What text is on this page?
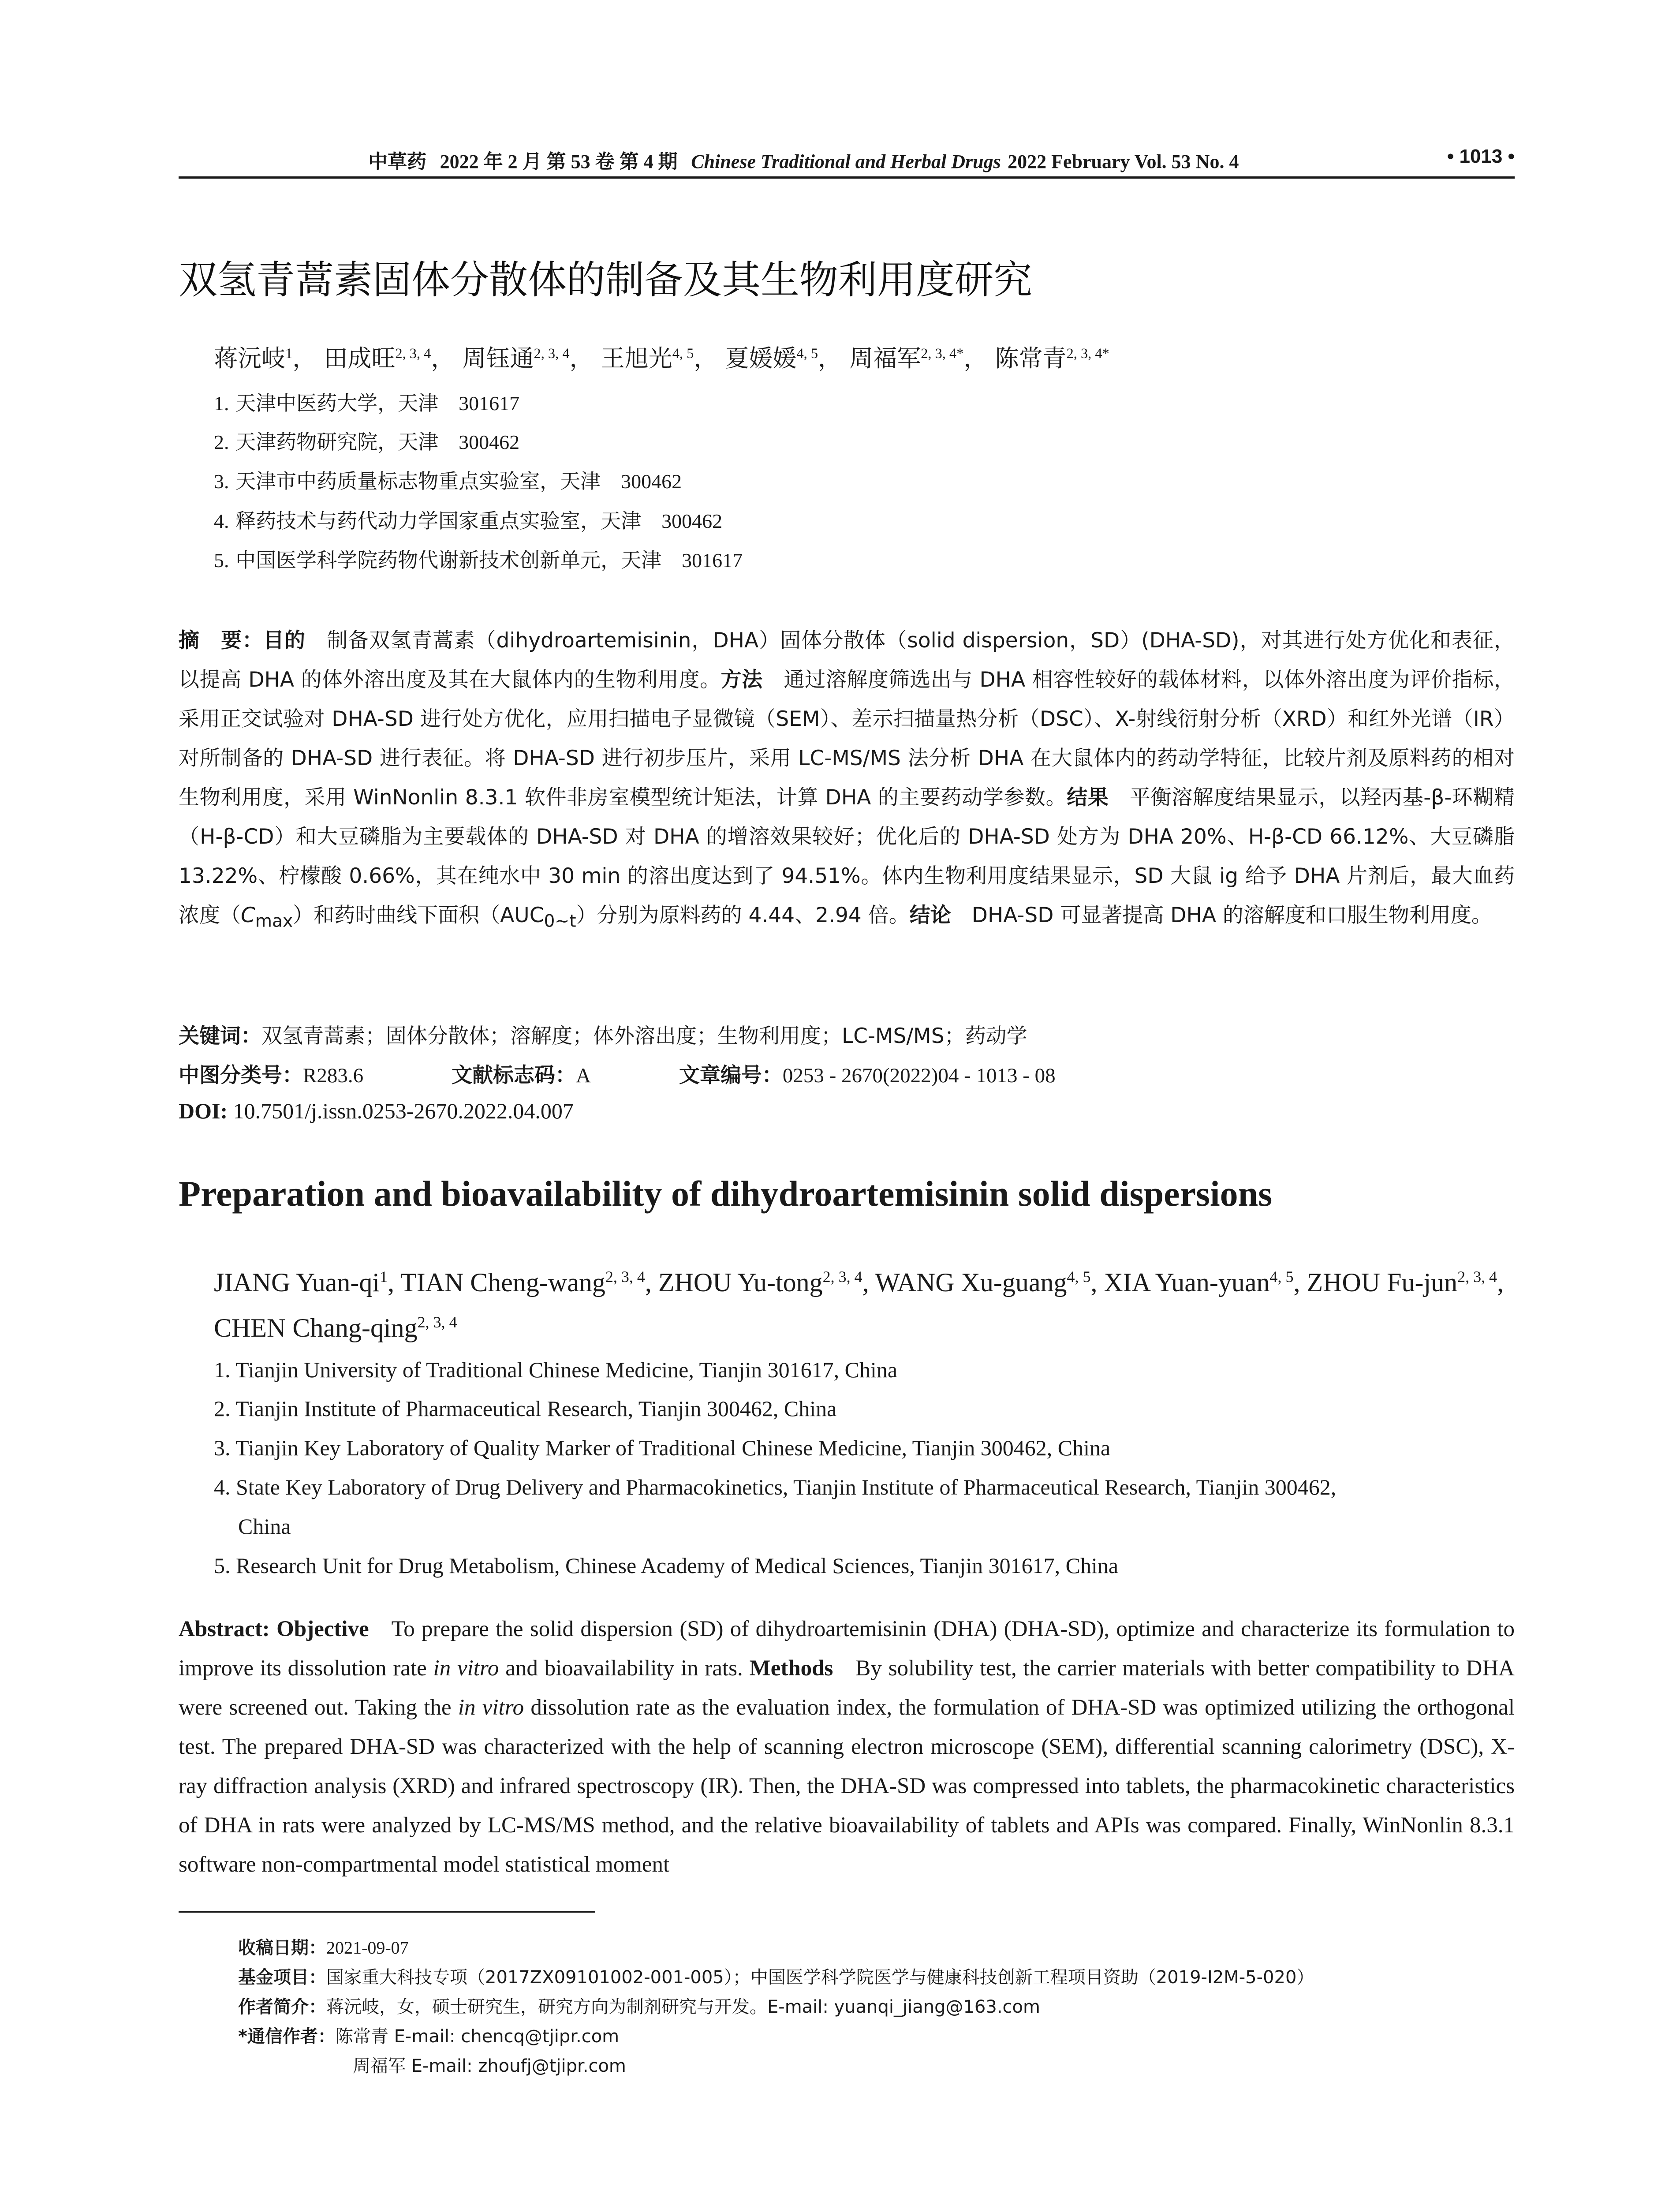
中草药 2022 年 2 月 第 53 卷 第 4 期 Chinese Traditional and Herbal Drugs 2022 February Vol. 53 No. 4	• 1013 •
双氢青蒿素固体分散体的制备及其生物利用度研究
蒋沅岐$^1$， 田成旺$^{2, 3, 4}$， 周钰通$^{2, 3, 4}$， 王旭光$^{4, 5}$， 夏媛媛$^{4, 5}$， 周福军$^{2, 3, 4*}$， 陈常青$^{2, 3, 4*}$
1. 天津中医药大学，天津 301617
2. 天津药物研究院，天津 300462
3. 天津市中药质量标志物重点实验室，天津 300462
4. 释药技术与药代动力学国家重点实验室，天津 300462
5. 中国医学科学院药物代谢新技术创新单元，天津 301617
摘　要：目的  制备双氢青蒿素（dihydroartemisinin，DHA）固体分散体（solid dispersion，SD）(DHA-SD)，对其进行处方优化和表征，以提高 DHA 的体外溶出度及其在大鼠体内的生物利用度。方法  通过溶解度筛选出与 DHA 相容性较好的载体材料，以体外溶出度为评价指标，采用正交试验对 DHA-SD 进行处方优化，应用扫描电子显微镜（SEM）、差示扫描量热分析（DSC）、X-射线衍射分析（XRD）和红外光谱（IR）对所制备的 DHA-SD 进行表征。将 DHA-SD 进行初步压片，采用 LC-MS/MS 法分析 DHA 在大鼠体内的药动学特征，比较片剂及原料药的相对生物利用度，采用 WinNonlin 8.3.1 软件非房室模型统计矩法，计算 DHA 的主要药动学参数。结果  平衡溶解度结果显示，以羟丙基-β-环糊精（H-β-CD）和大豆磷脂为主要载体的 DHA-SD 对 DHA 的增溶效果较好；优化后的 DHA-SD 处方为 DHA 20%、H-β-CD 66.12%、大豆磷脂 13.22%、柠檬酸 0.66%，其在纯水中 30 min 的溶出度达到了 94.51%。体内生物利用度结果显示，SD 大鼠 ig 给予 DHA 片剂后，最大血药浓度$(C_{max})$和药时曲线下面积$(AUC_{0\sim t})$分别为原料药的 4.44、2.94 倍。结论  DHA-SD 可显著提高 DHA 的溶解度和口服生物利用度。
关键词：双氢青蒿素；固体分散体；溶解度；体外溶出度；生物利用度；LC-MS/MS；药动学
中图分类号：R283.6	文献标志码：A	文章编号：0253 - 2670(2022)04 - 1013 - 08
DOI: 10.7501/j.issn.0253-2670.2022.04.007
Preparation and bioavailability of dihydroartemisinin solid dispersions
JIANG Yuan-$qi^1$, TIAN Cheng-wang$^{2, 3, 4}$, ZHOU Yu-tong$^{2, 3, 4}$, WANG Xu-guang$^{4, 5}$, XIA Yuan-yuan$^{4, 5}$, ZHOU Fu-jun$^{2, 3, 4}$, CHEN Chang-qing$^{2, 3, 4}$
1. Tianjin University of Traditional Chinese Medicine, Tianjin 301617, China
2. Tianjin Institute of Pharmaceutical Research, Tianjin 300462, China
3. Tianjin Key Laboratory of Quality Marker of Traditional Chinese Medicine, Tianjin 300462, China
4. State Key Laboratory of Drug Delivery and Pharmacokinetics, Tianjin Institute of Pharmaceutical Research, Tianjin 300462,
China
5. Research Unit for Drug Metabolism, Chinese Academy of Medical Sciences, Tianjin 301617, China
Abstract: Objective  To prepare the solid dispersion (SD) of dihydroartemisinin (DHA) (DHA-SD), optimize and characterize its formulation to improve its dissolution rate in vitro and bioavailability in rats. Methods  By solubility test, the carrier materials with better compatibility to DHA were screened out. Taking the in vitro dissolution rate as the evaluation index, the formulation of DHA-SD was optimized utilizing the orthogonal test. The prepared DHA-SD was characterized with the help of scanning electron microscope (SEM), differential scanning calorimetry (DSC), X-ray diffraction analysis (XRD) and infrared spectroscopy (IR). Then, the DHA-SD was compressed into tablets, the pharmacokinetic characteristics of DHA in rats were analyzed by LC-MS/MS method, and the relative bioavailability of tablets and APIs was compared. Finally, WinNonlin 8.3.1 software non-compartmental model statistical moment
收稿日期：2021-09-07
基金项目：国家重大科技专项（2017ZX09101002-001-005）；中国医学科学院医学与健康科技创新工程项目资助（2019-I2M-5-020）
作者简介：蒋沅岐，女，硕士研究生，研究方向为制剂研究与开发。E-mail: yuanqi_jiang@163.com
*通信作者：陈常青 E-mail: chencq@tjipr.com
周福军 E-mail: zhoufj@tjipr.com
